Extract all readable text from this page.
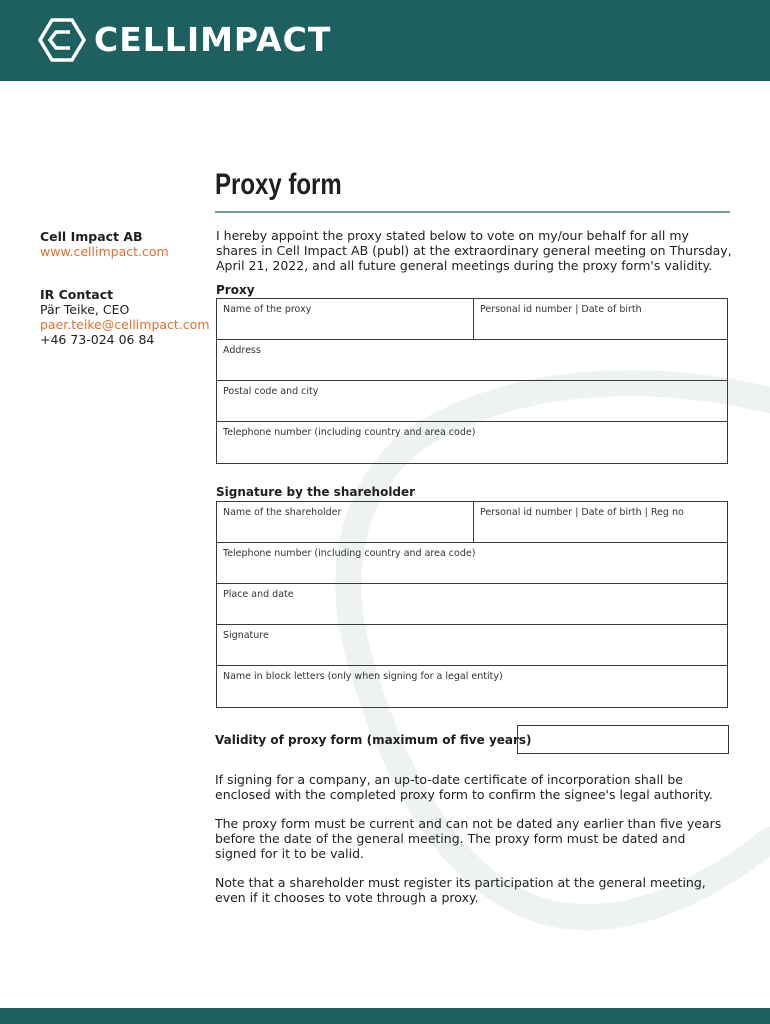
CELLIMPACT
Proxy form
Cell Impact AB
www.cellimpact.com
IR Contact
Pär Teike, CEO
paer.teike@cellimpact.com
+46 73-024 06 84
I hereby appoint the proxy stated below to vote on my/our behalf for all my shares in Cell Impact AB (publ) at the extraordinary general meeting on Thursday, April 21, 2022, and all future general meetings during the proxy form's validity.
Proxy
Name of the proxy	Personal id number | Date of birth
Address
Postal code and city
Telephone number (including country and area code)
Signature by the shareholder
Name of the shareholder	Personal id number | Date of birth | Reg no
Telephone number (including country and area code)
Place and date
Signature
Name in block letters (only when signing for a legal entity)
Validity of proxy form (maximum of five years)
If signing for a company, an up-to-date certificate of incorporation shall be enclosed with the completed proxy form to confirm the signee's legal authority.
The proxy form must be current and can not be dated any earlier than five years before the date of the general meeting. The proxy form must be dated and signed for it to be valid.
Note that a shareholder must register its participation at the general meeting, even if it chooses to vote through a proxy.
